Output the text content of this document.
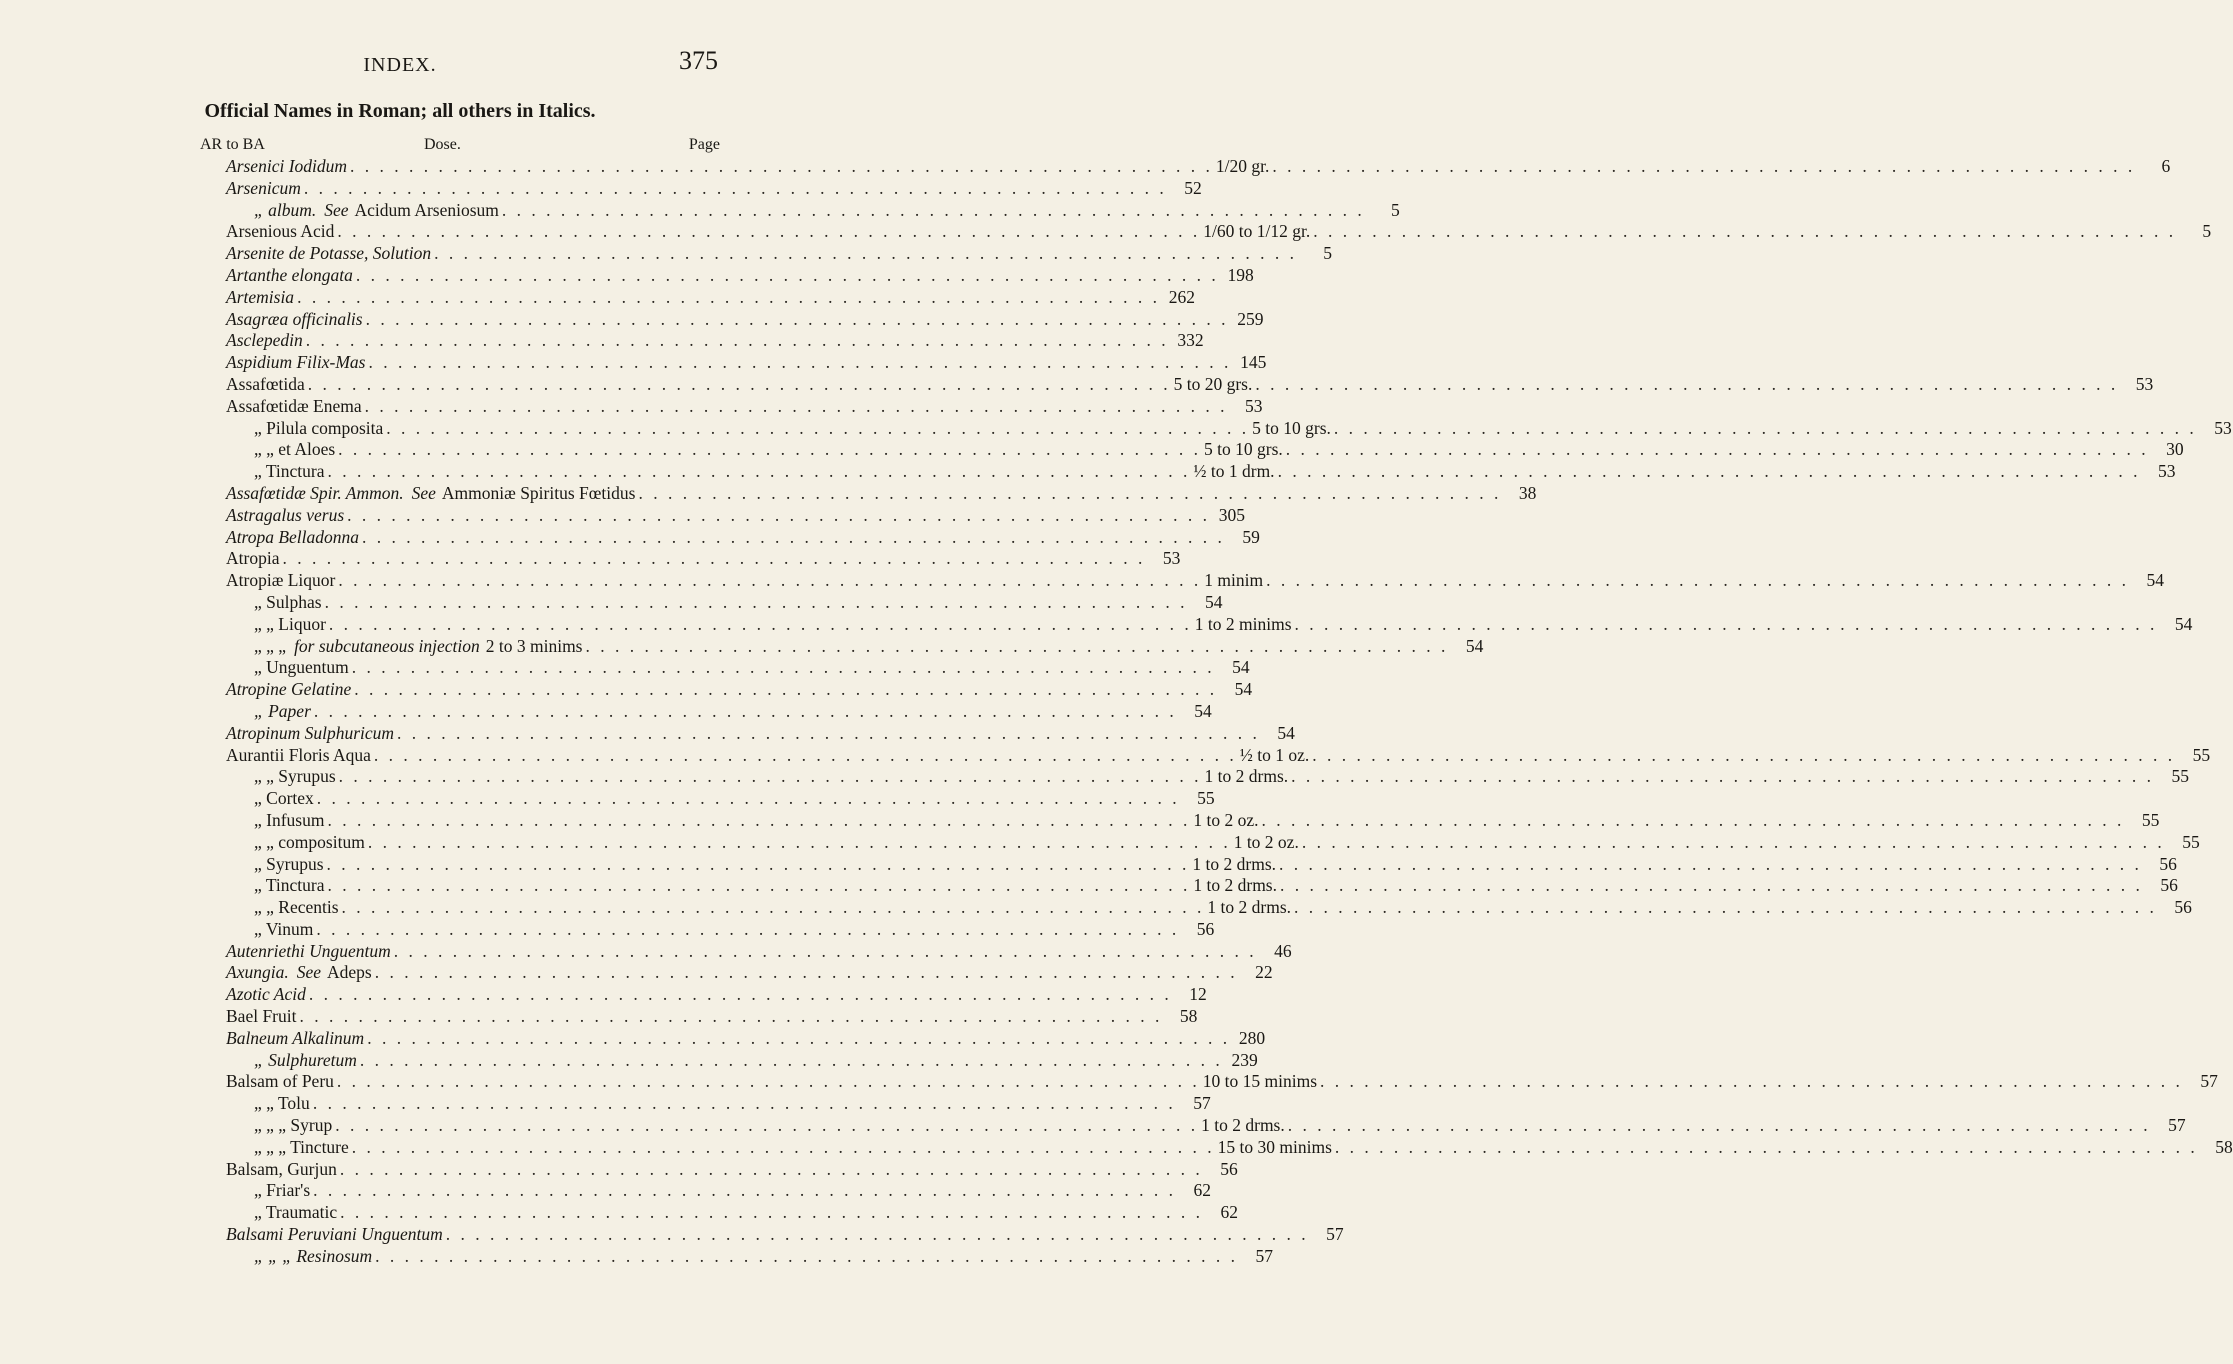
INDEX.	375
Official Names in Roman; all others in Italics.
AR to BA	Dose.	Page
Arsenici Iodidum . . . . . . . . . . . . . . . . . . . . . . . . . . . . . . . . . . . . . . . . . . . . . . . . . . . . . . . . . . . 1/20 gr. . . . . . . . . . . . . . . . . . . . . . . . . . . . . . . . . . . . . . . . . . . . . . . . . . . . . . . . . . . .	6
Arsenicum . . . . . . . . . . . . . . . . . . . . . . . . . . . . . . . . . . . . . . . . . . . . . . . . . . . . . . . . . . .	52
„ album. See Acidum Arseniosum . . . . . . . . . . . . . . . . . . . . . . . . . . . . . . . . . . . . . . . . . . . . . . . . . . . . . . . . . . .	5
Arsenious Acid . . . . . . . . . . . . . . . . . . . . . . . . . . . . . . . . . . . . . . . . . . . . . . . . . . . . . . . . . . . 1/60 to 1/12 gr. . . . . . . . . . . . . . . . . . . . . . . . . . . . . . . . . . . . . . . . . . . . . . . . . . . . . . . . . . . .	5
Arsenite de Potasse, Solution . . . . . . . . . . . . . . . . . . . . . . . . . . . . . . . . . . . . . . . . . . . . . . . . . . . . . . . . . . .	5
Artanthe elongata . . . . . . . . . . . . . . . . . . . . . . . . . . . . . . . . . . . . . . . . . . . . . . . . . . . . . . . . . . . 198
Artemisia . . . . . . . . . . . . . . . . . . . . . . . . . . . . . . . . . . . . . . . . . . . . . . . . . . . . . . . . . . . 262
Asagræa officinalis . . . . . . . . . . . . . . . . . . . . . . . . . . . . . . . . . . . . . . . . . . . . . . . . . . . . . . . . . . . 259
Asclepedin . . . . . . . . . . . . . . . . . . . . . . . . . . . . . . . . . . . . . . . . . . . . . . . . . . . . . . . . . . . 332
Aspidium Filix-Mas . . . . . . . . . . . . . . . . . . . . . . . . . . . . . . . . . . . . . . . . . . . . . . . . . . . . . . . . . . . 145
Assafœtida . . . . . . . . . . . . . . . . . . . . . . . . . . . . . . . . . . . . . . . . . . . . . . . . . . . . . . . . . . . 5 to 20 grs. . . . . . . . . . . . . . . . . . . . . . . . . . . . . . . . . . . . . . . . . . . . . . . . . . . . . . . . . . . .	53
Assafœtidæ Enema . . . . . . . . . . . . . . . . . . . . . . . . . . . . . . . . . . . . . . . . . . . . . . . . . . . . . . . . . . .	53
„ Pilula composita . . . . . . . . . . . . . . . . . . . . . . . . . . . . . . . . . . . . . . . . . . . . . . . . . . . . . . . . . . . 5 to 10 grs. . . . . . . . . . . . . . . . . . . . . . . . . . . . . . . . . . . . . . . . . . . . . . . . . . . . . . . . . . . .	53
„ „ et Aloes . . . . . . . . . . . . . . . . . . . . . . . . . . . . . . . . . . . . . . . . . . . . . . . . . . . . . . . . . . . 5 to 10 grs. . . . . . . . . . . . . . . . . . . . . . . . . . . . . . . . . . . . . . . . . . . . . . . . . . . . . . . . . . . .	30
„ Tinctura . . . . . . . . . . . . . . . . . . . . . . . . . . . . . . . . . . . . . . . . . . . . . . . . . . . . . . . . . . . ½ to 1 drm. . . . . . . . . . . . . . . . . . . . . . . . . . . . . . . . . . . . . . . . . . . . . . . . . . . . . . . . . . . .	53
Assafœtidæ Spir. Ammon. See Ammoniæ Spiritus Fœtidus . . . . . . . . . . . . . . . . . . . . . . . . . . . . . . . . . . . . . . . . . . . . . . . . . . . . . . . . . . .	38
Astragalus verus . . . . . . . . . . . . . . . . . . . . . . . . . . . . . . . . . . . . . . . . . . . . . . . . . . . . . . . . . . . 305
Atropa Belladonna . . . . . . . . . . . . . . . . . . . . . . . . . . . . . . . . . . . . . . . . . . . . . . . . . . . . . . . . . . .	59
Atropia . . . . . . . . . . . . . . . . . . . . . . . . . . . . . . . . . . . . . . . . . . . . . . . . . . . . . . . . . . .	53
Atropiæ Liquor . . . . . . . . . . . . . . . . . . . . . . . . . . . . . . . . . . . . . . . . . . . . . . . . . . . . . . . . . . . 1 minim . . . . . . . . . . . . . . . . . . . . . . . . . . . . . . . . . . . . . . . . . . . . . . . . . . . . . . . . . . .	54
„ Sulphas . . . . . . . . . . . . . . . . . . . . . . . . . . . . . . . . . . . . . . . . . . . . . . . . . . . . . . . . . . .	54
„ „ Liquor . . . . . . . . . . . . . . . . . . . . . . . . . . . . . . . . . . . . . . . . . . . . . . . . . . . . . . . . . . . 1 to 2 minims . . . . . . . . . . . . . . . . . . . . . . . . . . . . . . . . . . . . . . . . . . . . . . . . . . . . . . . . . . .	54
„ „ „ for subcutaneous injection 2 to 3 minims . . . . . . . . . . . . . . . . . . . . . . . . . . . . . . . . . . . . . . . . . . . . . . . . . . . . . . . . . . .	54
„ Unguentum . . . . . . . . . . . . . . . . . . . . . . . . . . . . . . . . . . . . . . . . . . . . . . . . . . . . . . . . . . .	54
Atropine Gelatine . . . . . . . . . . . . . . . . . . . . . . . . . . . . . . . . . . . . . . . . . . . . . . . . . . . . . . . . . . .	54
„ Paper . . . . . . . . . . . . . . . . . . . . . . . . . . . . . . . . . . . . . . . . . . . . . . . . . . . . . . . . . . .	54
Atropinum Sulphuricum . . . . . . . . . . . . . . . . . . . . . . . . . . . . . . . . . . . . . . . . . . . . . . . . . . . . . . . . . . .	54
Aurantii Floris Aqua . . . . . . . . . . . . . . . . . . . . . . . . . . . . . . . . . . . . . . . . . . . . . . . . . . . . . . . . . . . ½ to 1 oz. . . . . . . . . . . . . . . . . . . . . . . . . . . . . . . . . . . . . . . . . . . . . . . . . . . . . . . . . . . .	55
„ „ Syrupus . . . . . . . . . . . . . . . . . . . . . . . . . . . . . . . . . . . . . . . . . . . . . . . . . . . . . . . . . . . 1 to 2 drms. . . . . . . . . . . . . . . . . . . . . . . . . . . . . . . . . . . . . . . . . . . . . . . . . . . . . . . . . . . .	55
„ Cortex . . . . . . . . . . . . . . . . . . . . . . . . . . . . . . . . . . . . . . . . . . . . . . . . . . . . . . . . . . .	55
„ Infusum . . . . . . . . . . . . . . . . . . . . . . . . . . . . . . . . . . . . . . . . . . . . . . . . . . . . . . . . . . . 1 to 2 oz. . . . . . . . . . . . . . . . . . . . . . . . . . . . . . . . . . . . . . . . . . . . . . . . . . . . . . . . . . . .	55
„ „ compositum . . . . . . . . . . . . . . . . . . . . . . . . . . . . . . . . . . . . . . . . . . . . . . . . . . . . . . . . . . . 1 to 2 oz. . . . . . . . . . . . . . . . . . . . . . . . . . . . . . . . . . . . . . . . . . . . . . . . . . . . . . . . . . . .	55
„ Syrupus . . . . . . . . . . . . . . . . . . . . . . . . . . . . . . . . . . . . . . . . . . . . . . . . . . . . . . . . . . . 1 to 2 drms. . . . . . . . . . . . . . . . . . . . . . . . . . . . . . . . . . . . . . . . . . . . . . . . . . . . . . . . . . . .	56
„ Tinctura . . . . . . . . . . . . . . . . . . . . . . . . . . . . . . . . . . . . . . . . . . . . . . . . . . . . . . . . . . . 1 to 2 drms. . . . . . . . . . . . . . . . . . . . . . . . . . . . . . . . . . . . . . . . . . . . . . . . . . . . . . . . . . . .	56
„ „ Recentis . . . . . . . . . . . . . . . . . . . . . . . . . . . . . . . . . . . . . . . . . . . . . . . . . . . . . . . . . . . 1 to 2 drms. . . . . . . . . . . . . . . . . . . . . . . . . . . . . . . . . . . . . . . . . . . . . . . . . . . . . . . . . . . .	56
„ Vinum . . . . . . . . . . . . . . . . . . . . . . . . . . . . . . . . . . . . . . . . . . . . . . . . . . . . . . . . . . .	56
Autenriethi Unguentum . . . . . . . . . . . . . . . . . . . . . . . . . . . . . . . . . . . . . . . . . . . . . . . . . . . . . . . . . . .	46
Axungia. See Adeps . . . . . . . . . . . . . . . . . . . . . . . . . . . . . . . . . . . . . . . . . . . . . . . . . . . . . . . . . . .	22
Azotic Acid . . . . . . . . . . . . . . . . . . . . . . . . . . . . . . . . . . . . . . . . . . . . . . . . . . . . . . . . . . .	12
Bael Fruit . . . . . . . . . . . . . . . . . . . . . . . . . . . . . . . . . . . . . . . . . . . . . . . . . . . . . . . . . . .	58
Balneum Alkalinum . . . . . . . . . . . . . . . . . . . . . . . . . . . . . . . . . . . . . . . . . . . . . . . . . . . . . . . . . . . 280
„ Sulphuretum . . . . . . . . . . . . . . . . . . . . . . . . . . . . . . . . . . . . . . . . . . . . . . . . . . . . . . . . . . . 239
Balsam of Peru . . . . . . . . . . . . . . . . . . . . . . . . . . . . . . . . . . . . . . . . . . . . . . . . . . . . . . . . . . . 10 to 15 minims . . . . . . . . . . . . . . . . . . . . . . . . . . . . . . . . . . . . . . . . . . . . . . . . . . . . . . . . . . .	57
„ „ Tolu . . . . . . . . . . . . . . . . . . . . . . . . . . . . . . . . . . . . . . . . . . . . . . . . . . . . . . . . . . .	57
„ „ „ Syrup . . . . . . . . . . . . . . . . . . . . . . . . . . . . . . . . . . . . . . . . . . . . . . . . . . . . . . . . . . . 1 to 2 drms. . . . . . . . . . . . . . . . . . . . . . . . . . . . . . . . . . . . . . . . . . . . . . . . . . . . . . . . . . . .	57
„ „ „ Tincture . . . . . . . . . . . . . . . . . . . . . . . . . . . . . . . . . . . . . . . . . . . . . . . . . . . . . . . . . . . 15 to 30 minims . . . . . . . . . . . . . . . . . . . . . . . . . . . . . . . . . . . . . . . . . . . . . . . . . . . . . . . . . . .	58
Balsam, Gurjun . . . . . . . . . . . . . . . . . . . . . . . . . . . . . . . . . . . . . . . . . . . . . . . . . . . . . . . . . . .	56
„ Friar's . . . . . . . . . . . . . . . . . . . . . . . . . . . . . . . . . . . . . . . . . . . . . . . . . . . . . . . . . . .	62
„ Traumatic . . . . . . . . . . . . . . . . . . . . . . . . . . . . . . . . . . . . . . . . . . . . . . . . . . . . . . . . . . .	62
Balsami Peruviani Unguentum . . . . . . . . . . . . . . . . . . . . . . . . . . . . . . . . . . . . . . . . . . . . . . . . . . . . . . . . . . .	57
„ „ „ Resinosum . . . . . . . . . . . . . . . . . . . . . . . . . . . . . . . . . . . . . . . . . . . . . . . . . . . . . . . . . . .	57
